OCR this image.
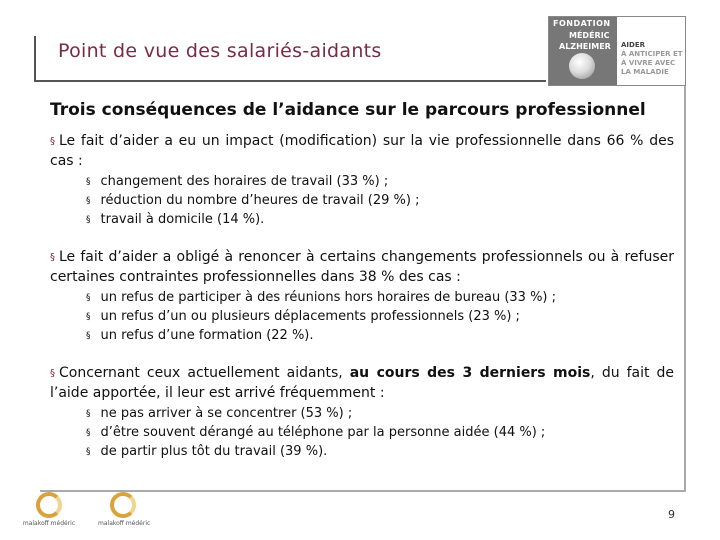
Point de vue des salariés-aidants
FONDATION
MÉDÉRIC
ALZHEIMER AIDER
À ANTICIPER ET
À VIVRE AVEC
LA MALADIE
Trois conséquences de l’aidance sur le parcours professionnel
§ Le fait d’aider a eu un impact (modification) sur la vie professionnelle dans 66 % des cas :
§ changement des horaires de travail (33 %) ;
§ réduction du nombre d’heures de travail (29 %) ;
§ travail à domicile (14 %).
§ Le fait d’aider a obligé à renoncer à certains changements professionnels ou à refuser certaines contraintes professionnelles dans 38 % des cas :
§ un refus de participer à des réunions hors horaires de bureau (33 %) ;
§ un refus d’un ou plusieurs déplacements professionnels (23 %) ;
§ un refus d’une formation (22 %).
§ Concernant ceux actuellement aidants, au cours des 3 derniers mois, du fait de l’aide apportée, il leur est arrivé fréquemment :
§ ne pas arriver à se concentrer (53 %) ;
§ d’être souvent dérangé au téléphone par la personne aidée (44 %) ;
§ de partir plus tôt du travail (39 %).
malakoff médéric	malakoff médéric
9
